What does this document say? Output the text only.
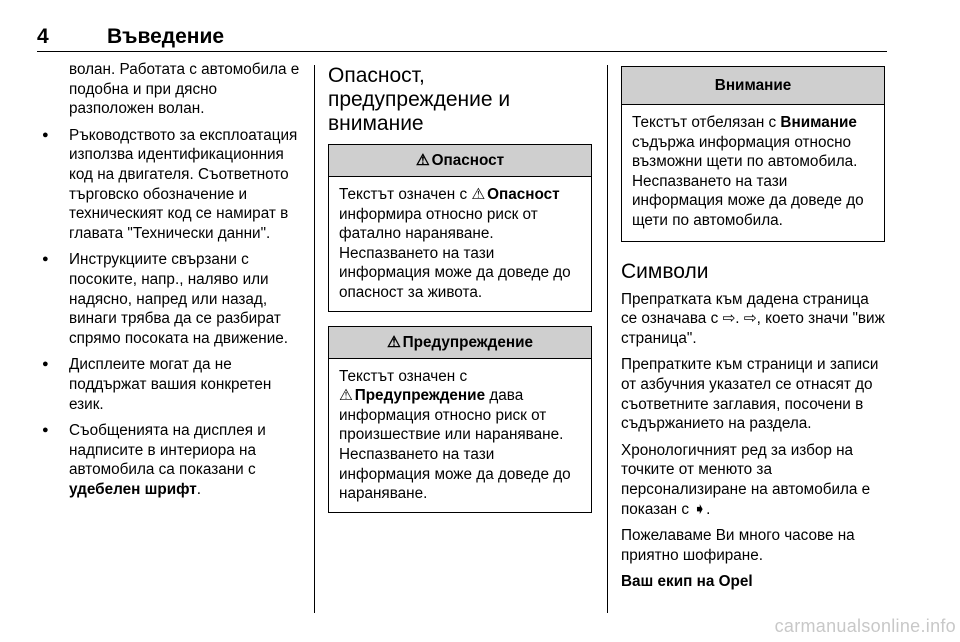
4	Въведение

волан. Работата с автомобила е подобна и при дясно разположен волан.

● Ръководството за експлоатация използва идентификационния код на двигателя. Съответното търговско обозначение и техническият код се намират в главата "Технически данни".
● Инструкциите свързани с посоките, напр., наляво или надясно, напред или назад, винаги трябва да се разбират спрямо посоката на движение.
● Дисплеите могат да не поддържат вашия конкретен език.
● Съобщенията на дисплея и надписите в интериора на автомобила са показани с удебелен шрифт.
Опасност,
предупреждение и
внимание
⚠ Опасност
Текстът означен с ⚠ Опасност информира относно риск от фатално нараняване. Неспазването на тази информация може да доведе до опасност за живота.
⚠ Предупреждение
Текстът означен с
⚠ Предупреждение дава информация относно риск от произшествие или нараняване. Неспазването на тази информация може да доведе до нараняване.
Внимание
Текстът отбелязан с Внимание съдържа информация относно възможни щети по автомобила. Неспазването на тази информация може да доведе до щети по автомобила.
Символи

Препратката към дадена страница се означава с ⇨. ⇨, което значи "виж страница".

Препратките към страници и записи от азбучния указател се отнасят до съответните заглавия, посочени в съдържанието на раздела.

Хронологичният ред за избор на точките от менюто за персонализиране на автомобила е показан с ➧.

Пожелаваме Ви много часове на приятно шофиране.

Ваш екип на Opel

carmanualsonline.info
